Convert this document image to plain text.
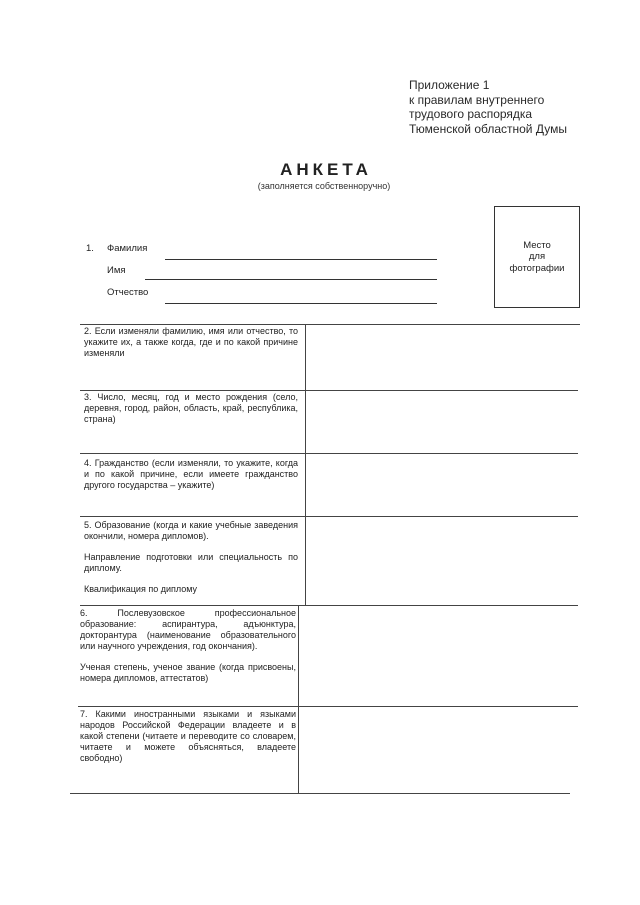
Приложение 1
к правилам внутреннего
трудового распорядка
Тюменской областной Думы
АНКЕТА
(заполняется собственноручно)
Место
для
фотографии
1. Фамилия
Имя
Отчество

2. Если изменяли фамилию, имя или отчество, то укажите их, а также когда, где и по какой причине изменяли

3. Число, месяц, год и место рождения (село, деревня, город, район, область, край, республика, страна)

4. Гражданство (если изменяли, то укажите, когда и по какой причине, если имеете гражданство другого государства – укажите)

5. Образование (когда и какие учебные заведения окончили, номера дипломов).

Направление подготовки или специальность по диплому.

Квалификация по диплому

6. Послевузовское профессиональное образование: аспирантура, адъюнктура, докторантура (наименование образовательного или научного учреждения, год окончания).

Ученая степень, ученое звание (когда присвоены, номера дипломов, аттестатов)

7. Какими иностранными языками и языками народов Российской Федерации владеете и в какой степени (читаете и переводите со словарем, читаете и можете объясняться, владеете свободно)
